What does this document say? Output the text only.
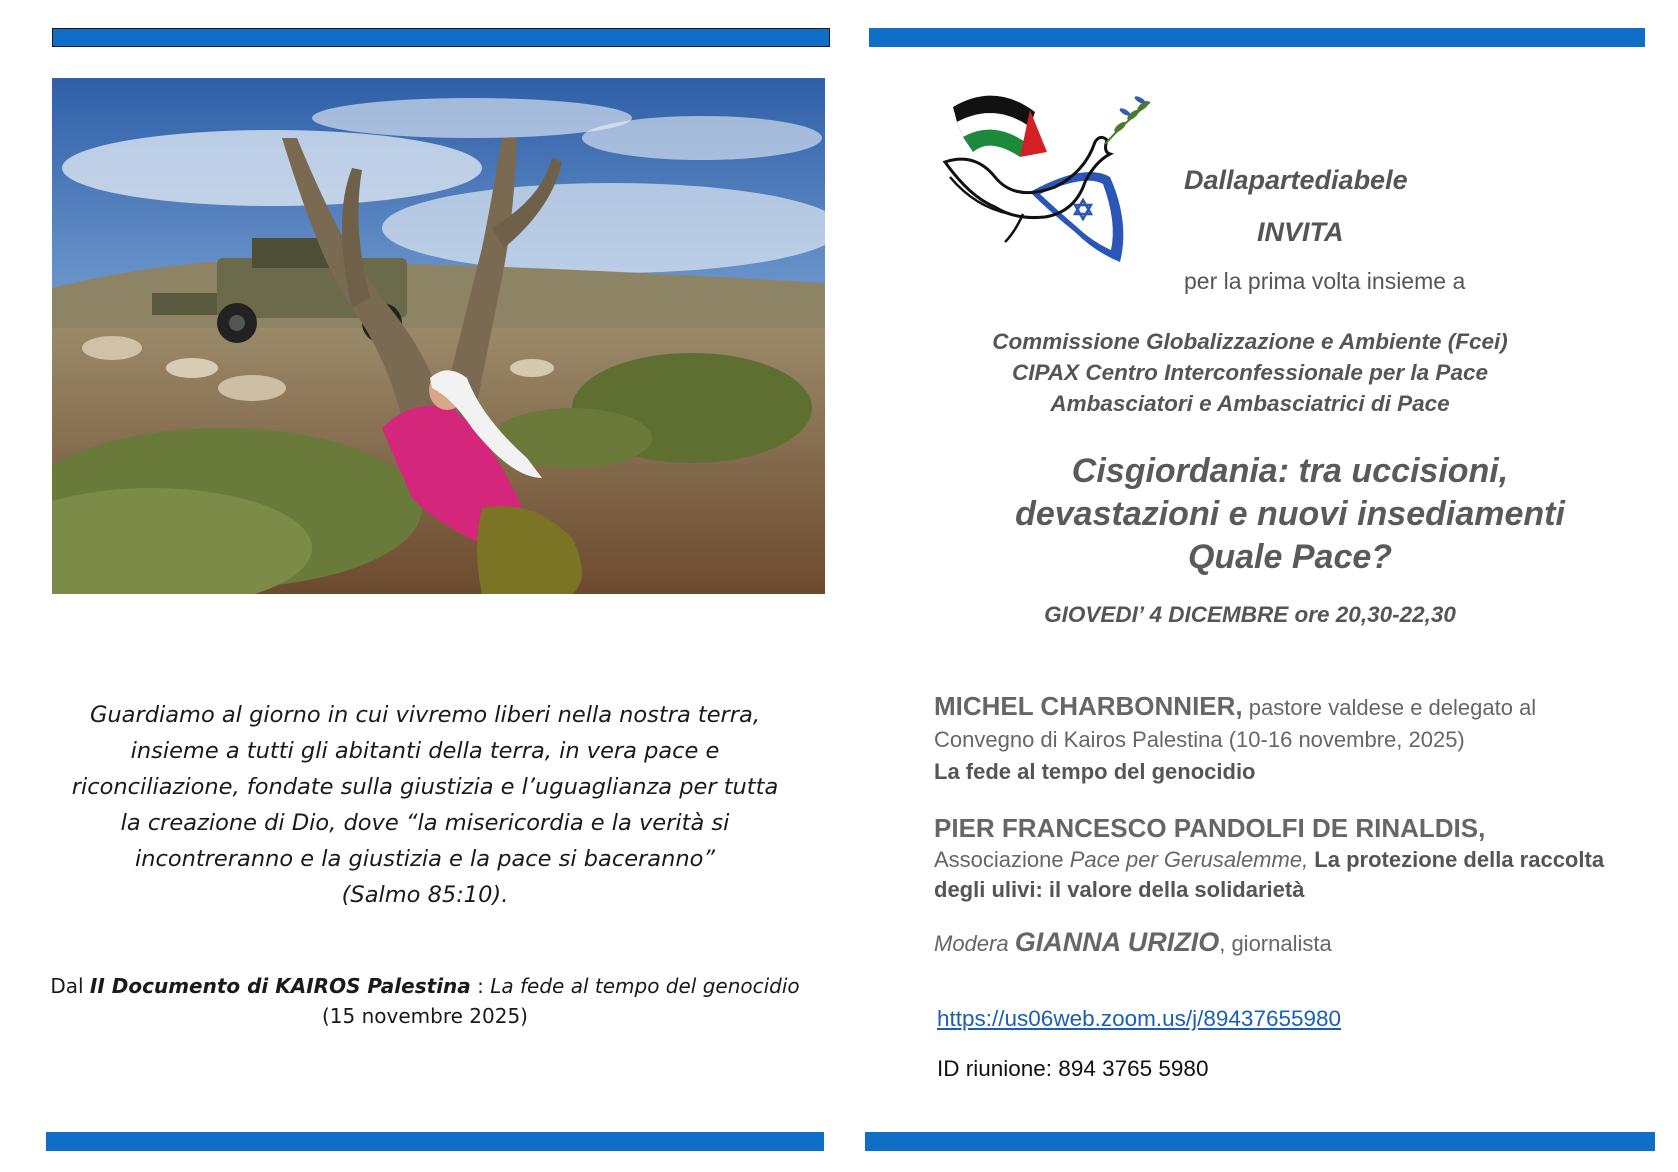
Guardiamo al giorno in cui vivremo liberi nella nostra terra,
insieme a tutti gli abitanti della terra, in vera pace e
riconciliazione, fondate sulla giustizia e l’uguaglianza per tutta
la creazione di Dio, dove “la misericordia e la verità si
incontreranno e la giustizia e la pace si baceranno”
(Salmo 85:10).
Dal II Documento di KAIROS Palestina : La fede al tempo del genocidio
(15 novembre 2025)
Dallapartediabele
INVITA
per la prima volta insieme a
Commissione Globalizzazione e Ambiente (Fcei)
CIPAX Centro Interconfessionale per la Pace
Ambasciatori e Ambasciatrici di Pace
Cisgiordania: tra uccisioni,
devastazioni e nuovi insediamenti
Quale Pace?
GIOVEDI’ 4 DICEMBRE ore 20,30-22,30
MICHEL CHARBONNIER, pastore valdese e delegato al
Convegno di Kairos Palestina (10-16 novembre, 2025)
La fede al tempo del genocidio
PIER FRANCESCO PANDOLFI DE RINALDIS,
Associazione Pace per Gerusalemme, La protezione della raccolta degli ulivi: il valore della solidarietà
Modera GIANNA URIZIO, giornalista
https://us06web.zoom.us/j/89437655980
ID riunione: 894 3765 5980
